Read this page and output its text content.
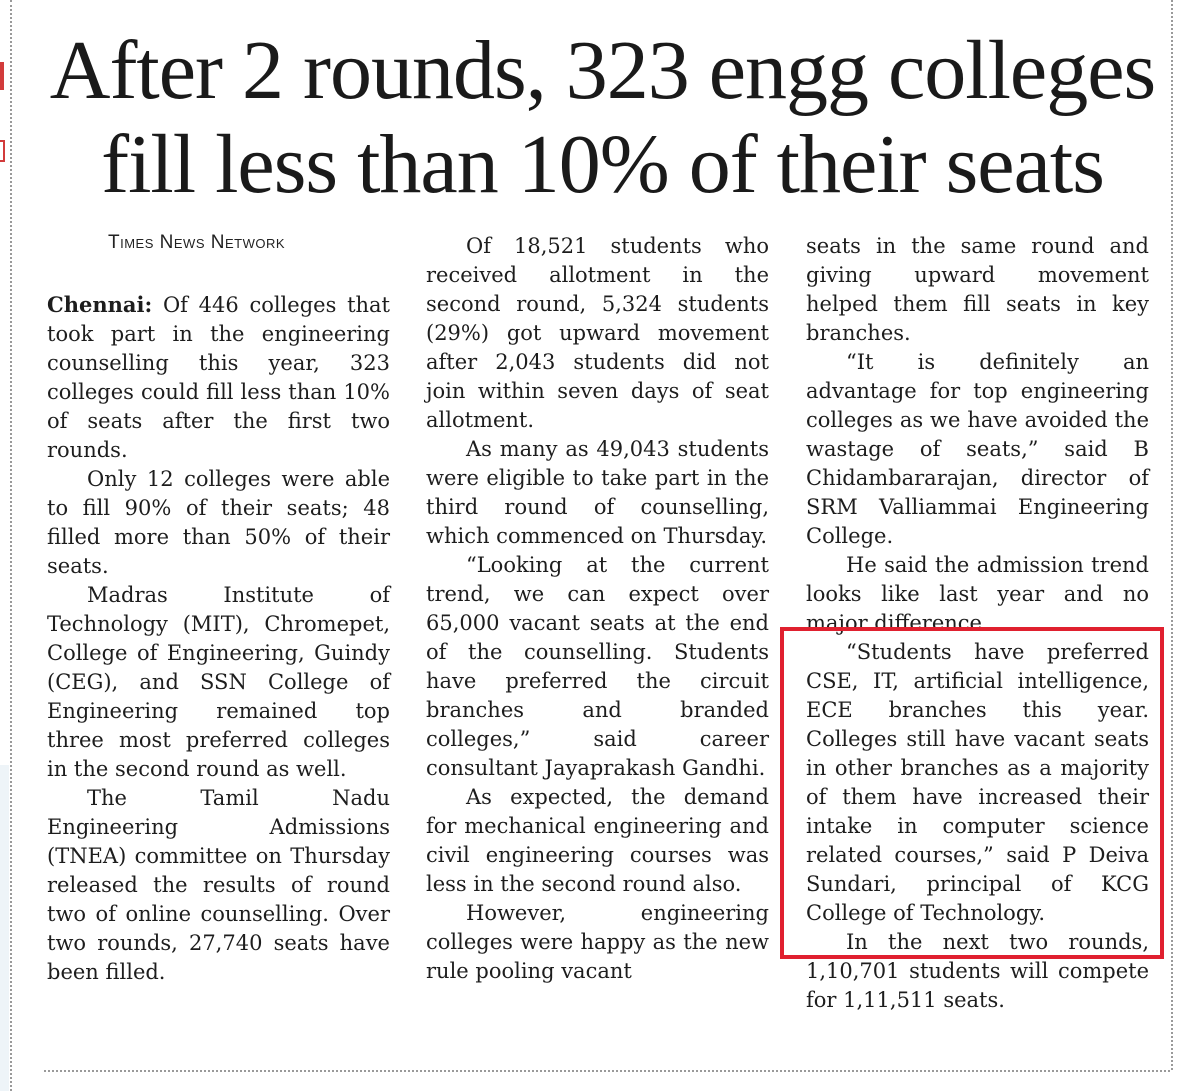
After 2 rounds, 323 engg colleges
fill less than 10% of their seats
Times News Network

Chennai: Of 446 colleges that took part in the engineering counselling this year, 323 colleges could fill less than 10% of seats after the first two rounds.

Only 12 colleges were able to fill 90% of their seats; 48 filled more than 50% of their seats.

Madras Institute of Technology (MIT), Chromepet, College of Engineering, Guindy (CEG), and SSN College of Engineering remained top three most preferred colleges in the second round as well.

The Tamil Nadu Engineering Admissions (TNEA) committee on Thursday released the results of round two of online counselling. Over two rounds, 27,740 seats have been filled.

Of 18,521 students who received allotment in the second round, 5,324 students (29%) got upward movement after 2,043 students did not join within seven days of seat allotment.

As many as 49,043 students were eligible to take part in the third round of counselling, which commenced on Thursday.

“Looking at the current trend, we can expect over 65,000 vacant seats at the end of the counselling. Students have preferred the circuit branches and branded colleges,” said career consultant Jayaprakash Gandhi.

As expected, the demand for mechanical engineering and civil engineering courses was less in the second round also.

However, engineering colleges were happy as the new rule pooling vacant

seats in the same round and giving upward movement helped them fill seats in key branches.

“It is definitely an advantage for top engineering colleges as we have avoided the wastage of seats,” said B Chidambararajan, director of SRM Valliammai Engineering College.

He said the admission trend looks like last year and no major difference.

“Students have preferred CSE, IT, artificial intelligence, ECE branches this year. Colleges still have vacant seats in other branches as a majority of them have increased their intake in computer science related courses,” said P Deiva Sundari, principal of KCG College of Technology.

In the next two rounds, 1,10,701 students will compete for 1,11,511 seats.
